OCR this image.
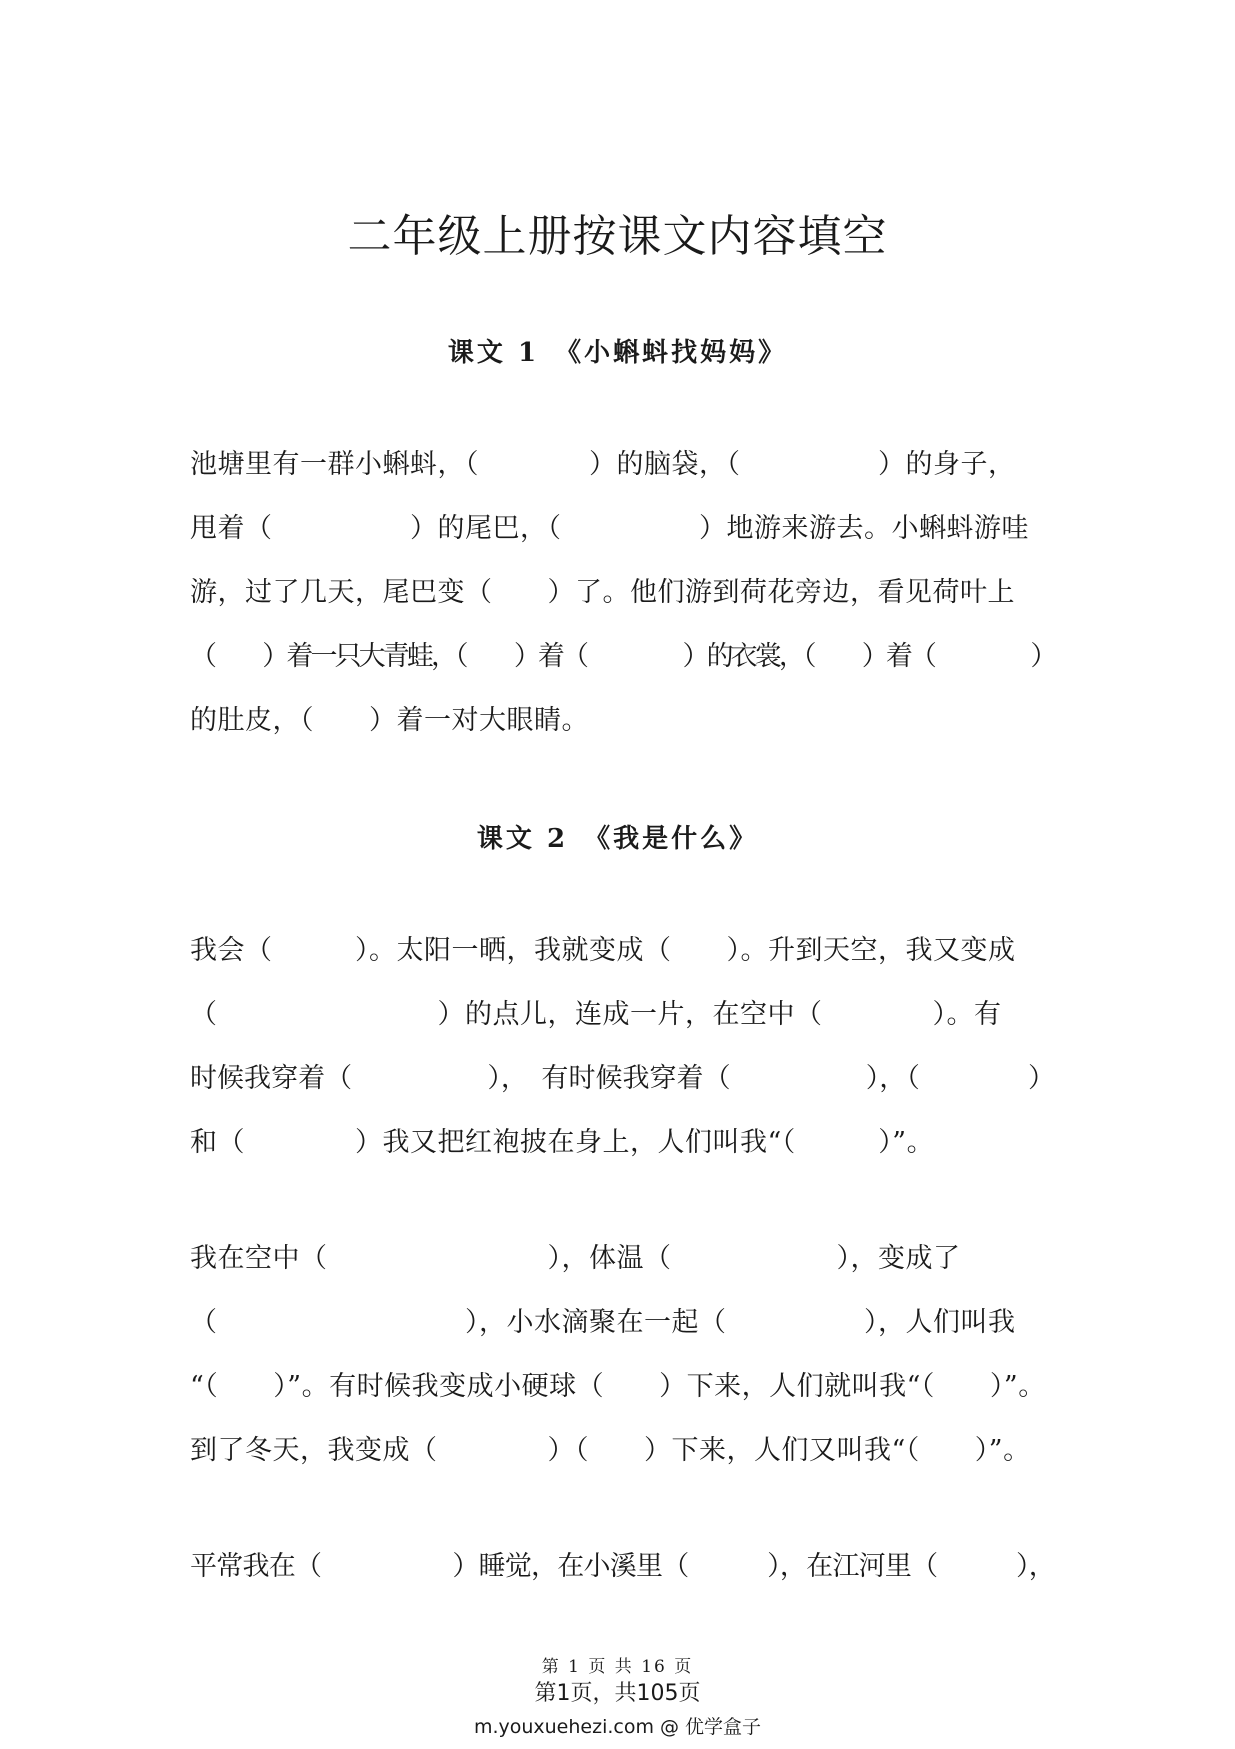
二年级上册按课文内容填空
课文 1　《小蝌蚪找妈妈》
池塘里有一群小蝌蚪，（　　　　）的脑袋，（　　　　　）的身子，
甩着（　　　　　）的尾巴，（　　　　　）地游来游去。小蝌蚪游哇
游，过了几天，尾巴变（　　）了。他们游到荷花旁边，看见荷叶上
（　　）着一只大青蛙，（　　）着（　　　　）的衣裳，（　　）着（　　　　）
的肚皮，（　　）着一对大眼睛。
课文 2　《我是什么》
我会（　　　）。太阳一晒，我就变成（　　）。升到天空，我又变成
（　　　　　　　　）的点儿，连成一片，在空中（　　　　）。有
时候我穿着（　　　　　），　有时候我穿着（　　　　　），（　　　　）
和（　　　　）我又把红袍披在身上，人们叫我“（　　　）”。
我在空中（　　　　　　　　），体温（　　　　　　），变成了
（　　　　　　　　　），小水滴聚在一起（　　　　　），人们叫我
“（　　）”。有时候我变成小硬球（　　）下来，人们就叫我“（　　）”。
到了冬天，我变成（　　　　）（　　）下来，人们又叫我“（　　）”。
平常我在（　　　　　）睡觉，在小溪里（　　　），在江河里（　　　），
第 1 页 共 16 页
第1页，共105页
m.youxuehezi.com @ 优学盒子
